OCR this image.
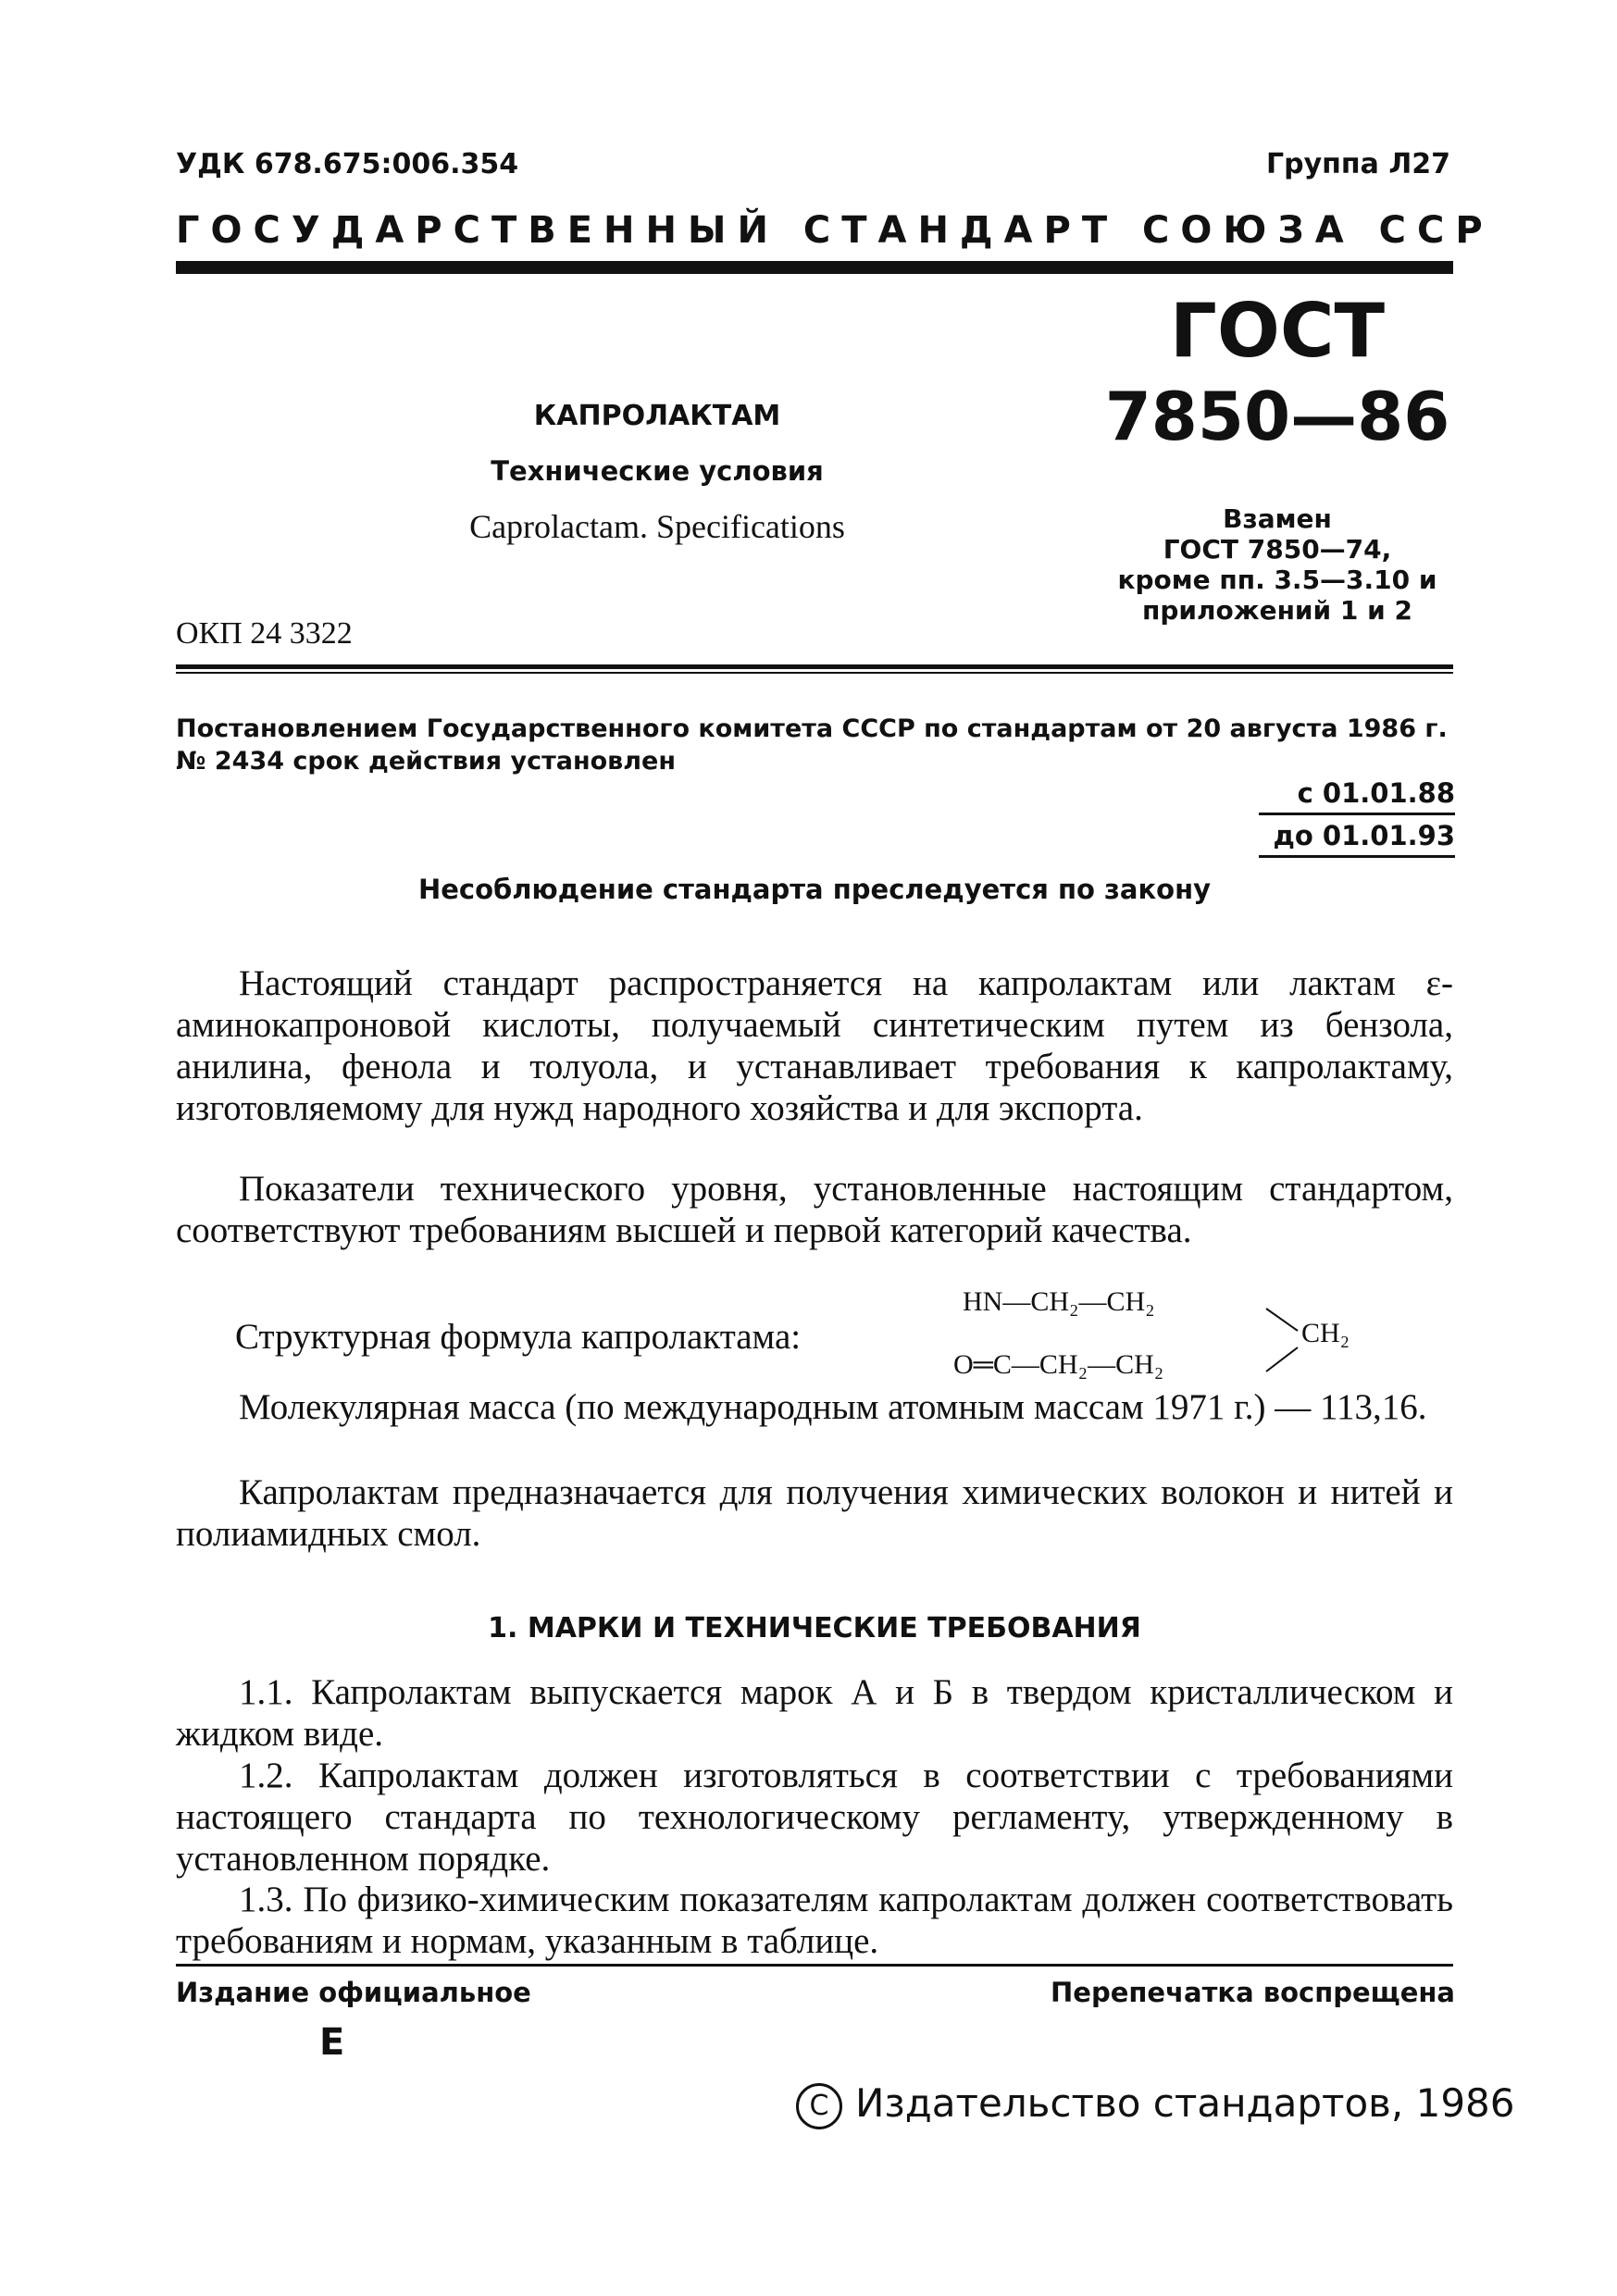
УДК 678.675:006.354	Группа Л27
ГОСУДАРСТВЕННЫЙ СТАНДАРТ СОЮЗА ССР
ГОСТ
7850—86
КАПРОЛАКТАМ
Технические условия
Caprolactam. Specifications
ОКП 24 3322
Взамен
ГОСТ 7850—74,
кроме пп. 3.5—3.10 и
приложений 1 и 2
Постановлением Государственного комитета СССР по стандартам от 20 августа 1986 г. № 2434 срок действия установлен
с 01.01.88
до 01.01.93
Несоблюдение стандарта преследуется по закону
Настоящий стандарт распространяется на капролактам или лактам ε-аминокапроновой кислоты, получаемый синтетическим путем из бензола, анилина, фенола и толуола, и устанавливает требования к капролактаму, изготовляемому для нужд народного хозяйства и для экспорта.
Показатели технического уровня, установленные настоящим стандартом, соответствуют требованиям высшей и первой категорий качества.
Структурная формула капролактама:
HN—CH₂—CH₂
O═C—CH₂—CH₂
CH₂
Молекулярная масса (по международным атомным массам 1971 г.) — 113,16.
Капролактам предназначается для получения химических волокон и нитей и полиамидных смол.
1. МАРКИ И ТЕХНИЧЕСКИЕ ТРЕБОВАНИЯ
1.1. Капролактам выпускается марок А и Б в твердом кристаллическом и жидком виде.
1.2. Капролактам должен изготовляться в соответствии с требованиями настоящего стандарта по технологическому регламенту, утвержденному в установленном порядке.
1.3. По физико-химическим показателям капролактам должен соответствовать требованиям и нормам, указанным в таблице.
Издание официальное	Перепечатка воспрещена
Е
C Издательство стандартов, 1986
